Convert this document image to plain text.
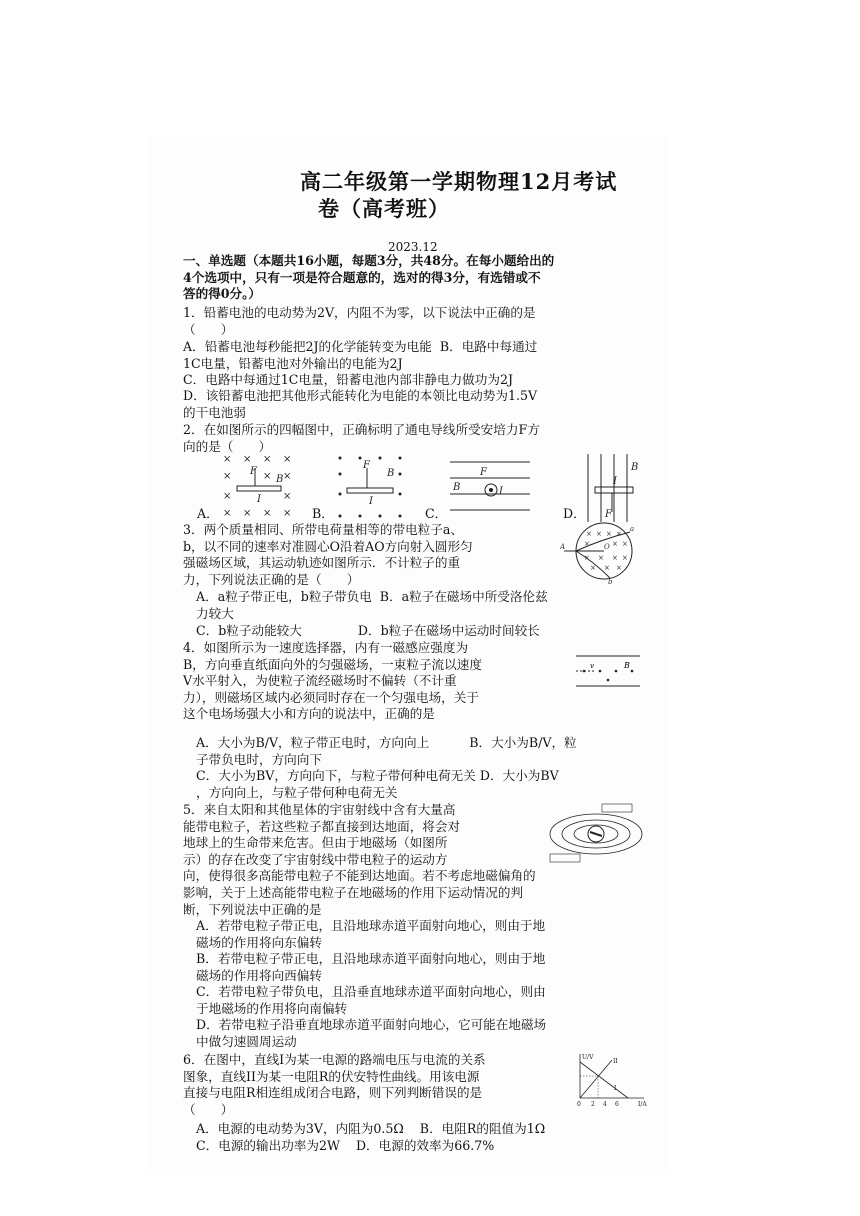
高二年级第一学期物理12月考试
卷（高考班）
2023.12
一、单选题（本题共16小题，每题3分，共48分。在每小题给出的
4个选项中，只有一项是符合题意的，选对的得3分，有选错或不
答的得0分。）
1．铅蓄电池的电动势为2V，内阻不为零，以下说法中正确的是
（　　）
A．铅蓄电池每秒能把2J的化学能转变为电能  B．电路中每通过
1C电量，铅蓄电池对外输出的电能为2J
C．电路中每通过1C电量，铅蓄电池内部非静电力做功为2J
D．该铅蓄电池把其他形式能转化为电能的本领比电动势为1.5V
的干电池弱
2．在如图所示的四幅图中，正确标明了通电导线所受安培力F方
向的是（　　）
× × × ×
×	× ×
×	×
× × × ×
F
B
I
F
B
I
F
B	I
B
I
F
A．	B．	C．	D．
3．两个质量相同、所带电荷量相等的带电粒子a、
b，以不同的速率对准圆心O沿着AO方向射入圆形匀
强磁场区域，其运动轨迹如图所示．不计粒子的重
力，下列说法正确的是（　　）
× × × ×
×	× ×
× × × ×
× × ×
A	O
a
b
A．a粒子带正电，b粒子带负电  B．a粒子在磁场中所受洛伦兹
力较大
C．b粒子动能较大              D．b粒子在磁场中运动时间较长
4．如图所示为一速度选择器，内有一磁感应强度为
B，方向垂直纸面向外的匀强磁场，一束粒子流以速度
V水平射入，为使粒子流经磁场时不偏转（不计重
力），则磁场区域内必须同时存在一个匀强电场，关于
这个电场场强大小和方向的说法中，正确的是
B
v
A．大小为B/V，粒子带正电时，方向向上          B．大小为B/V，粒
子带负电时，方向向下
C．大小为BV，方向向下，与粒子带何种电荷无关 D．大小为BV
，方向向上，与粒子带何种电荷无关
5．来自太阳和其他星体的宇宙射线中含有大量高
能带电粒子，若这些粒子都直接到达地面，将会对
地球上的生命带来危害。但由于地磁场（如图所
示）的存在改变了宇宙射线中带电粒子的运动方
向，使得很多高能带电粒子不能到达地面。若不考虑地磁偏角的
影响，关于上述高能带电粒子在地磁场的作用下运动情况的判
断，下列说法中正确的是
A．若带电粒子带正电，且沿地球赤道平面射向地心，则由于地
磁场的作用将向东偏转
B．若带电粒子带正电，且沿地球赤道平面射向地心，则由于地
磁场的作用将向西偏转
C．若带电粒子带负电，且沿垂直地球赤道平面射向地心，则由
于地磁场的作用将向南偏转
D．若带电粒子沿垂直地球赤道平面射向地心，它可能在地磁场
中做匀速圆周运动
6．在图中，直线I为某一电源的路端电压与电流的关系
图象，直线II为某一电阻R的伏安特性曲线。用该电源
直接与电阻R相连组成闭合电路，则下列判断错误的是
（　　）
U/V
II
I
0 2 4 6	I/A
A．电源的电动势为3V，内阻为0.5Ω    B．电阻R的阻值为1Ω
C．电源的输出功率为2W    D．电源的效率为66.7%
